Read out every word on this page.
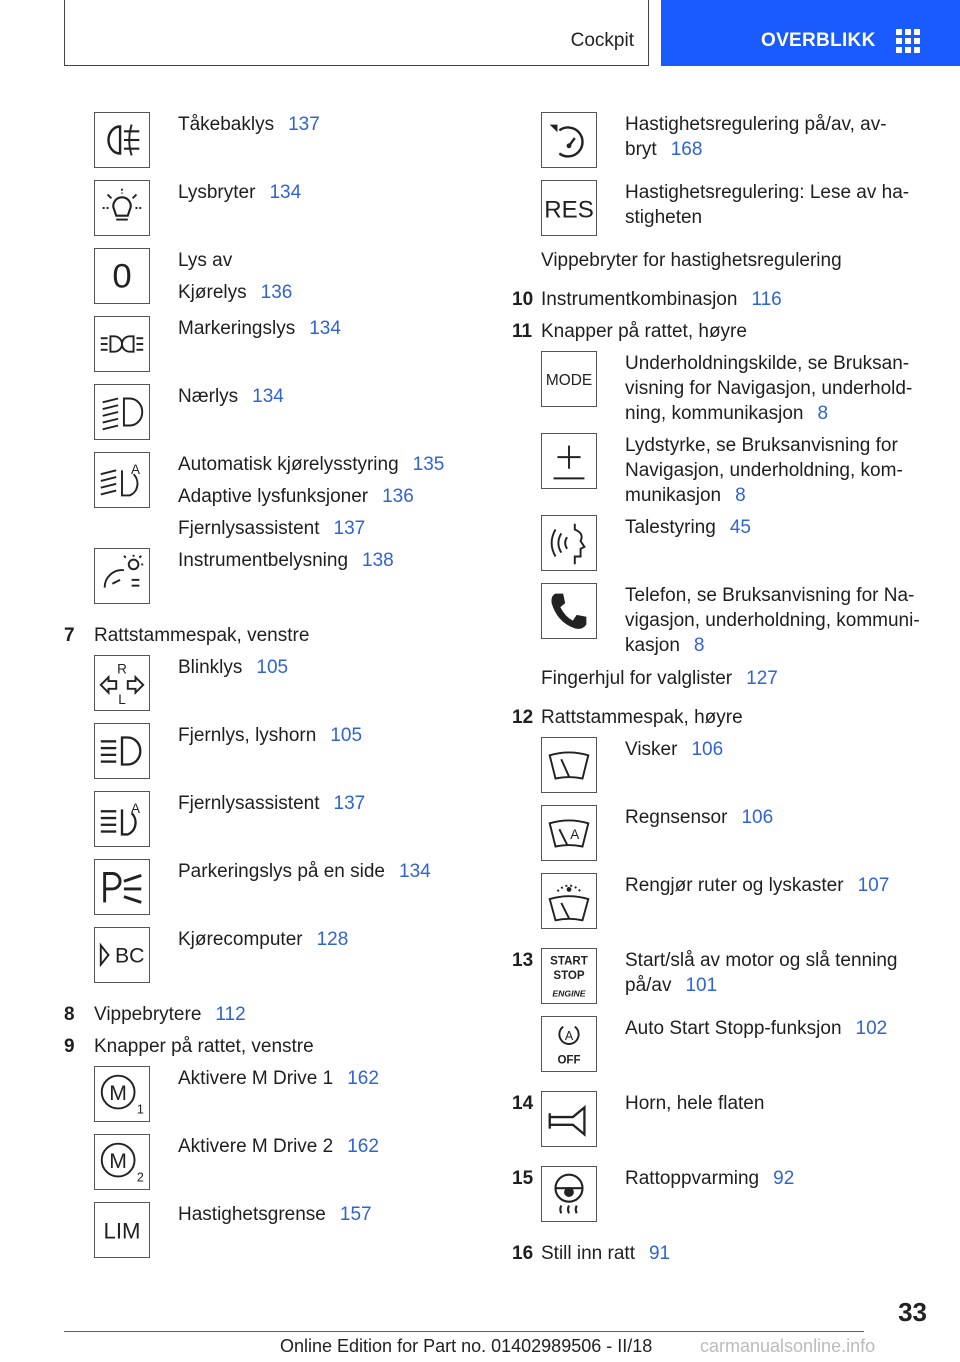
Cockpit	OVERBLIKK
Tåkebaklys 137
Lysbryter 134
0 Lys av
Kjørelys 136
Markeringslys 134
Nærlys 134
A Automatisk kjørelysstyring 135
Adaptive lysfunksjoner 136
Fjernlysassistent 137
Instrumentbelysning 138
7 Rattstammespak, venstre
R
L
Blinklys 105
Fjernlys, lyshorn 105
A Fjernlysassistent 137
Parkeringslys på en side 134
BC
Kjørecomputer 128
8 Vippebrytere 112
9 Knapper på rattet, venstre
M
1
Aktivere M Drive 1 162
M
2
Aktivere M Drive 2 162
LIM
Hastighetsgrense 157
Hastighetsregulering på/av, av-
bryt 168
RES
Hastighetsregulering: Lese av ha-
stigheten
Vippebryter for hastighetsregulering
10 Instrumentkombinasjon 116
11 Knapper på rattet, høyre
MODE
Underholdningskilde, se Bruksan-
visning for Navigasjon, underhold-
ning, kommunikasjon 8
Lydstyrke, se Bruksanvisning for
Navigasjon, underholdning, kom-
munikasjon 8
Talestyring 45
Telefon, se Bruksanvisning for Na-
vigasjon, underholdning, kommuni-
kasjon 8
Fingerhjul for valglister 127
12 Rattstammespak, høyre
Visker 106
A
Regnsensor 106
Rengjør ruter og lyskaster 107
13 START
STOP
ENGINE
Start/slå av motor og slå tenning
på/av 101
A
OFF
Auto Start Stopp-funksjon 102
14	Horn, hele flaten
15	Rattoppvarming 92
16 Still inn ratt 91
33
Online Edition for Part no. 01402989506 - II/18	carmanualsonline.info
